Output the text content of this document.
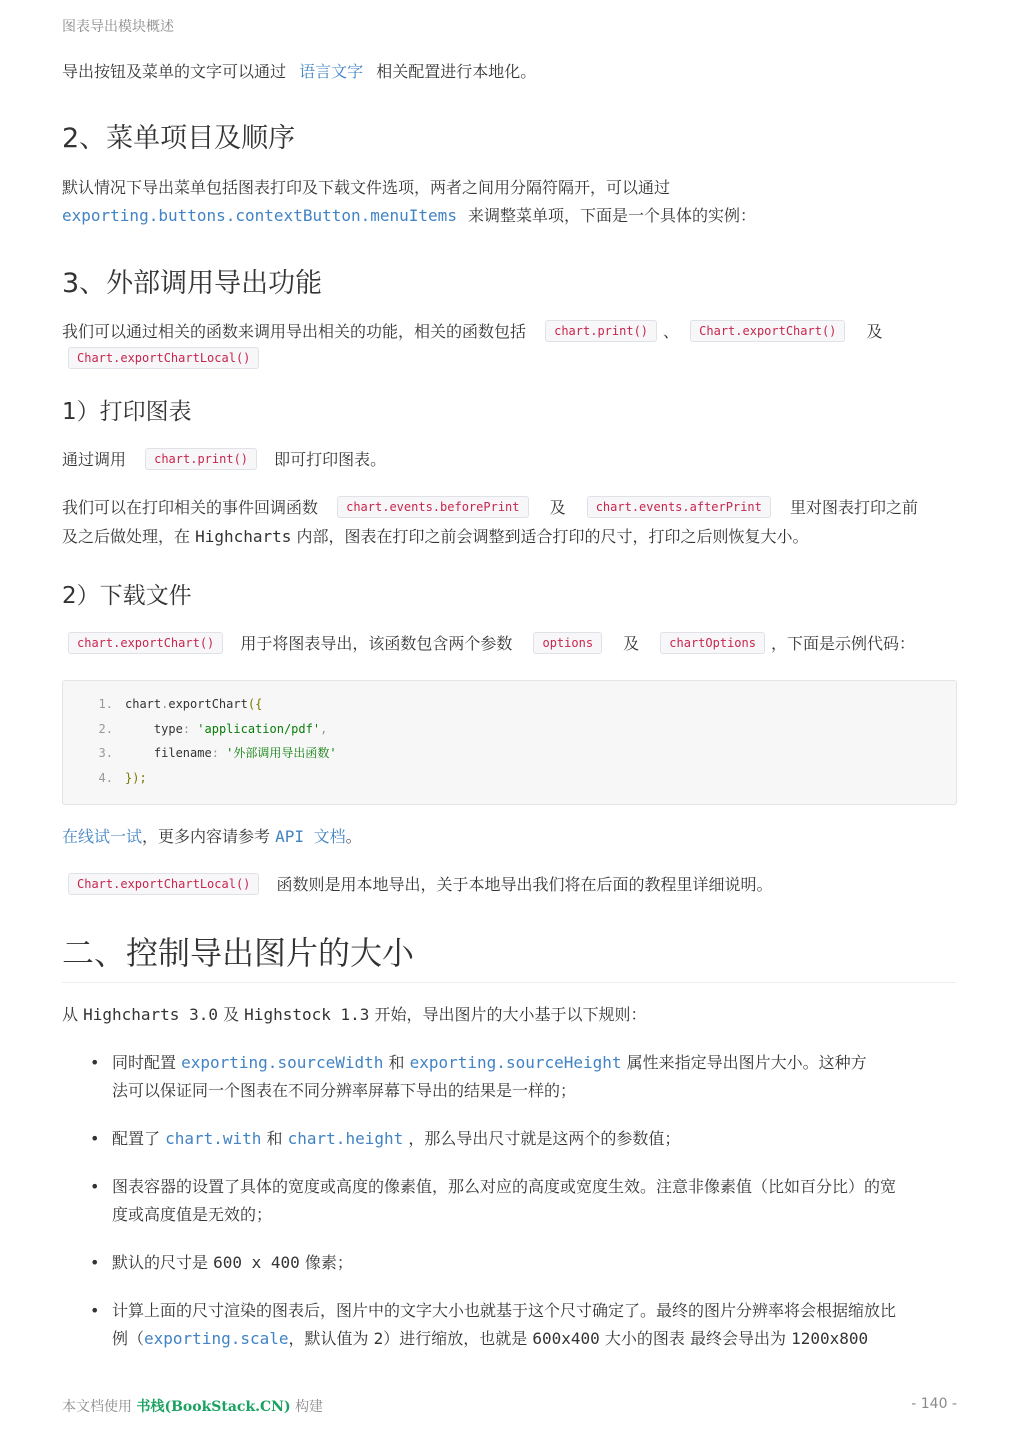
图表导出模块概述

导出按钮及菜单的文字可以通过 语言文字 相关配置进行本地化。

2、菜单项目及顺序

默认情况下导出菜单包括图表打印及下载文件选项，两者之间用分隔符隔开，可以通过
exporting.buttons.contextButton.menuItems 来调整菜单项，下面是一个具体的实例：

3、外部调用导出功能

我们可以通过相关的函数来调用导出相关的功能，相关的函数包括 chart.print() 、 Chart.exportChart() 及
Chart.exportChartLocal()

1）打印图表

通过调用 chart.print() 即可打印图表。

我们可以在打印相关的事件回调函数 chart.events.beforePrint 及	chart.events.afterPrint 里对图表打印之前
及之后做处理，在 Highcharts 内部，图表在打印之前会调整到适合打印的尺寸，打印之后则恢复大小。

2）下载文件

chart.exportChart() 用于将图表导出，该函数包含两个参数	options 及	chartOptions ，下面是示例代码：

1. chart.exportChart({
2.	type: 'application/pdf',
3.	filename: '外部调用导出函数'
4. });

在线试一试，更多内容请参考 API 文档。

Chart.exportChartLocal() 函数则是用本地导出，关于本地导出我们将在后面的教程里详细说明。

二、控制导出图片的大小

从 Highcharts 3.0 及 Highstock 1.3 开始，导出图片的大小基于以下规则：

• 同时配置 exporting.sourceWidth 和 exporting.sourceHeight 属性来指定导出图片大小。这种方
法可以保证同一个图表在不同分辨率屏幕下导出的结果是一样的；
• 配置了 chart.with 和 chart.height ，那么导出尺寸就是这两个的参数值；
• 图表容器的设置了具体的宽度或高度的像素值，那么对应的高度或宽度生效。注意非像素值（比如百分比）的宽
度或高度值是无效的；
• 默认的尺寸是 600 x 400 像素；
• 计算上面的尺寸渲染的图表后，图片中的文字大小也就基于这个尺寸确定了。最终的图片分辨率将会根据缩放比
例（exporting.scale，默认值为 2）进行缩放，也就是 600x400 大小的图表 最终会导出为 1200x800
本文档使用 书栈(BookStack.CN) 构建	- 140 -
